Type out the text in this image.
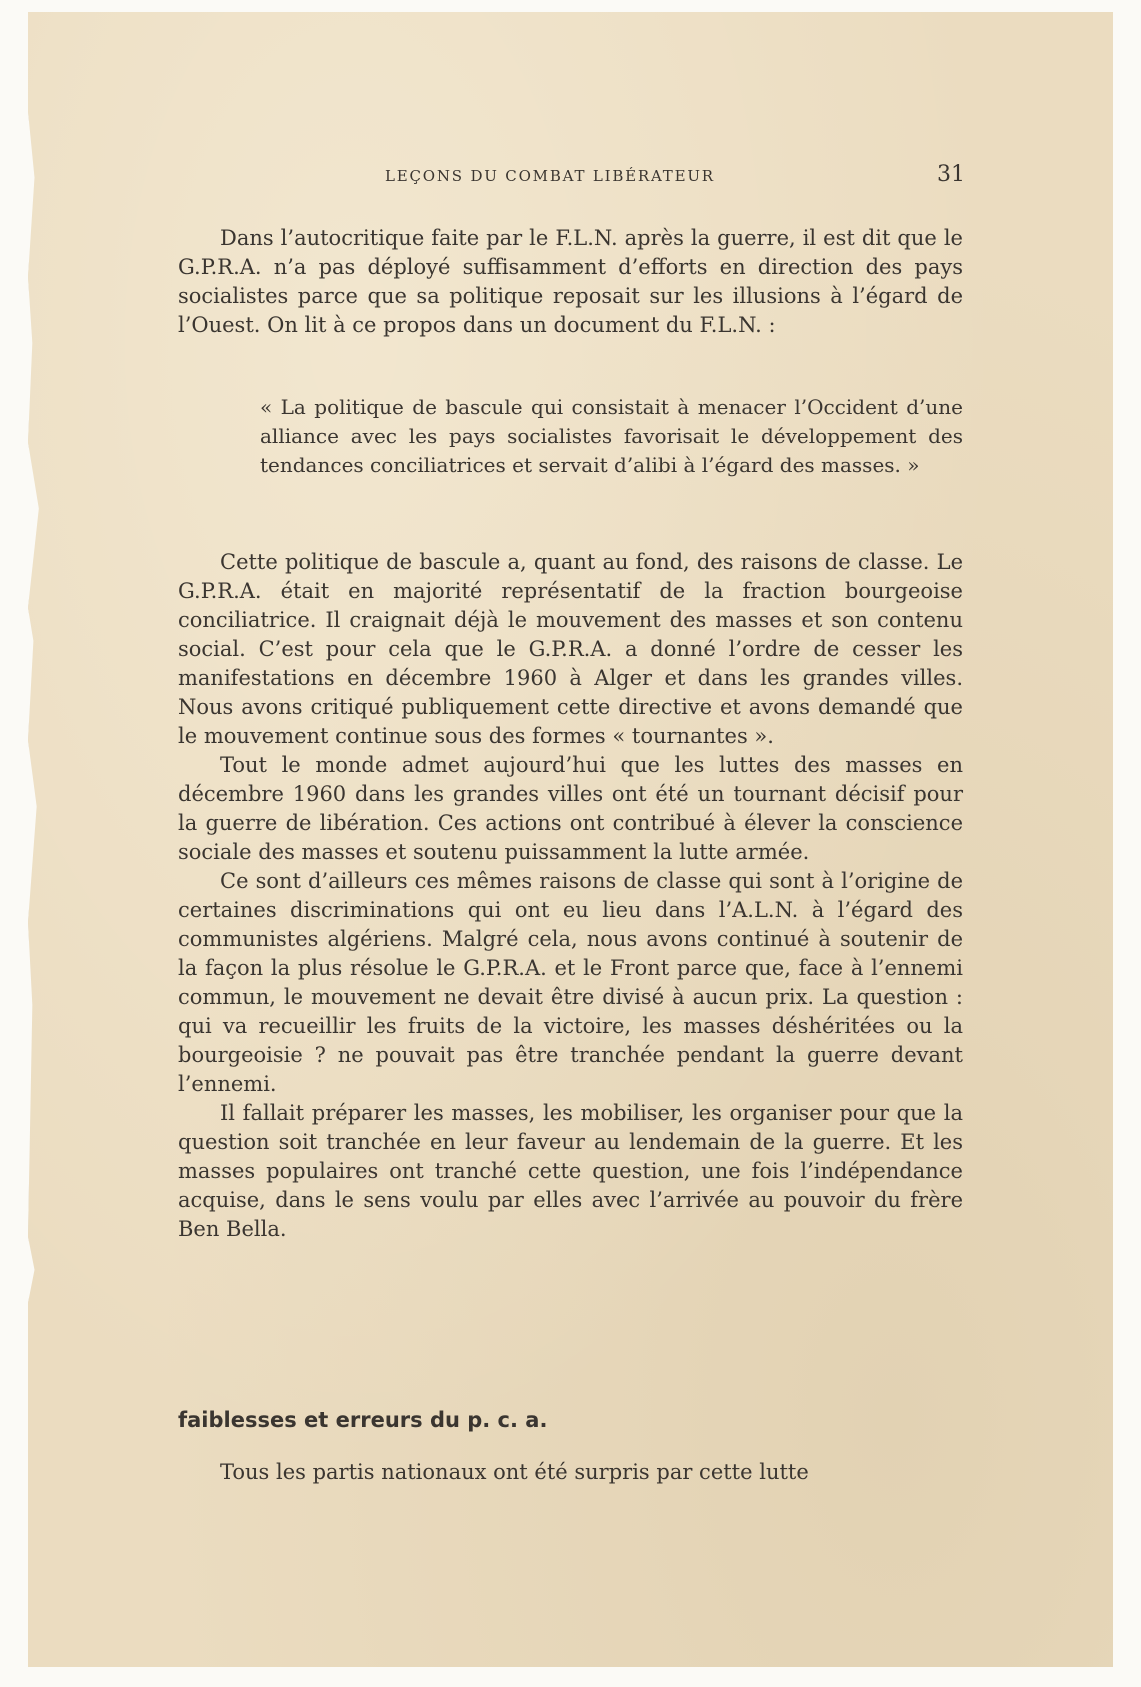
LEÇONS DU COMBAT LIBÉRATEUR	31

Dans l’autocritique faite par le F.L.N. après la guerre, il est dit que le G.P.R.A. n’a pas déployé suffisamment d’efforts en direction des pays socialistes parce que sa politique reposait sur les illusions à l’égard de l’Ouest. On lit à ce propos dans un document du F.L.N. :

« La politique de bascule qui consistait à menacer l’Occident d’une alliance avec les pays socialistes favorisait le développement des tendances conciliatrices et servait d’alibi à l’égard des masses. »

Cette politique de bascule a, quant au fond, des raisons de classe. Le G.P.R.A. était en majorité représentatif de la fraction bourgeoise conciliatrice. Il craignait déjà le mouvement des masses et son contenu social. C’est pour cela que le G.P.R.A. a donné l’ordre de cesser les manifestations en décembre 1960 à Alger et dans les grandes villes. Nous avons critiqué publiquement cette directive et avons demandé que le mouvement continue sous des formes « tournantes ».

Tout le monde admet aujourd’hui que les luttes des masses en décembre 1960 dans les grandes villes ont été un tournant décisif pour la guerre de libération. Ces actions ont contribué à élever la conscience sociale des masses et soutenu puissamment la lutte armée.

Ce sont d’ailleurs ces mêmes raisons de classe qui sont à l’origine de certaines discriminations qui ont eu lieu dans l’A.L.N. à l’égard des communistes algériens. Malgré cela, nous avons continué à soutenir de la façon la plus résolue le G.P.R.A. et le Front parce que, face à l’ennemi commun, le mouvement ne devait être divisé à aucun prix. La question : qui va recueillir les fruits de la victoire, les masses déshéritées ou la bourgeoisie ? ne pouvait pas être tranchée pendant la guerre devant l’ennemi.

Il fallait préparer les masses, les mobiliser, les organiser pour que la question soit tranchée en leur faveur au lendemain de la guerre. Et les masses populaires ont tranché cette question, une fois l’indépendance acquise, dans le sens voulu par elles avec l’arrivée au pouvoir du frère Ben Bella.

faiblesses et erreurs du p. c. a.

Tous les partis nationaux ont été surpris par cette lutte
